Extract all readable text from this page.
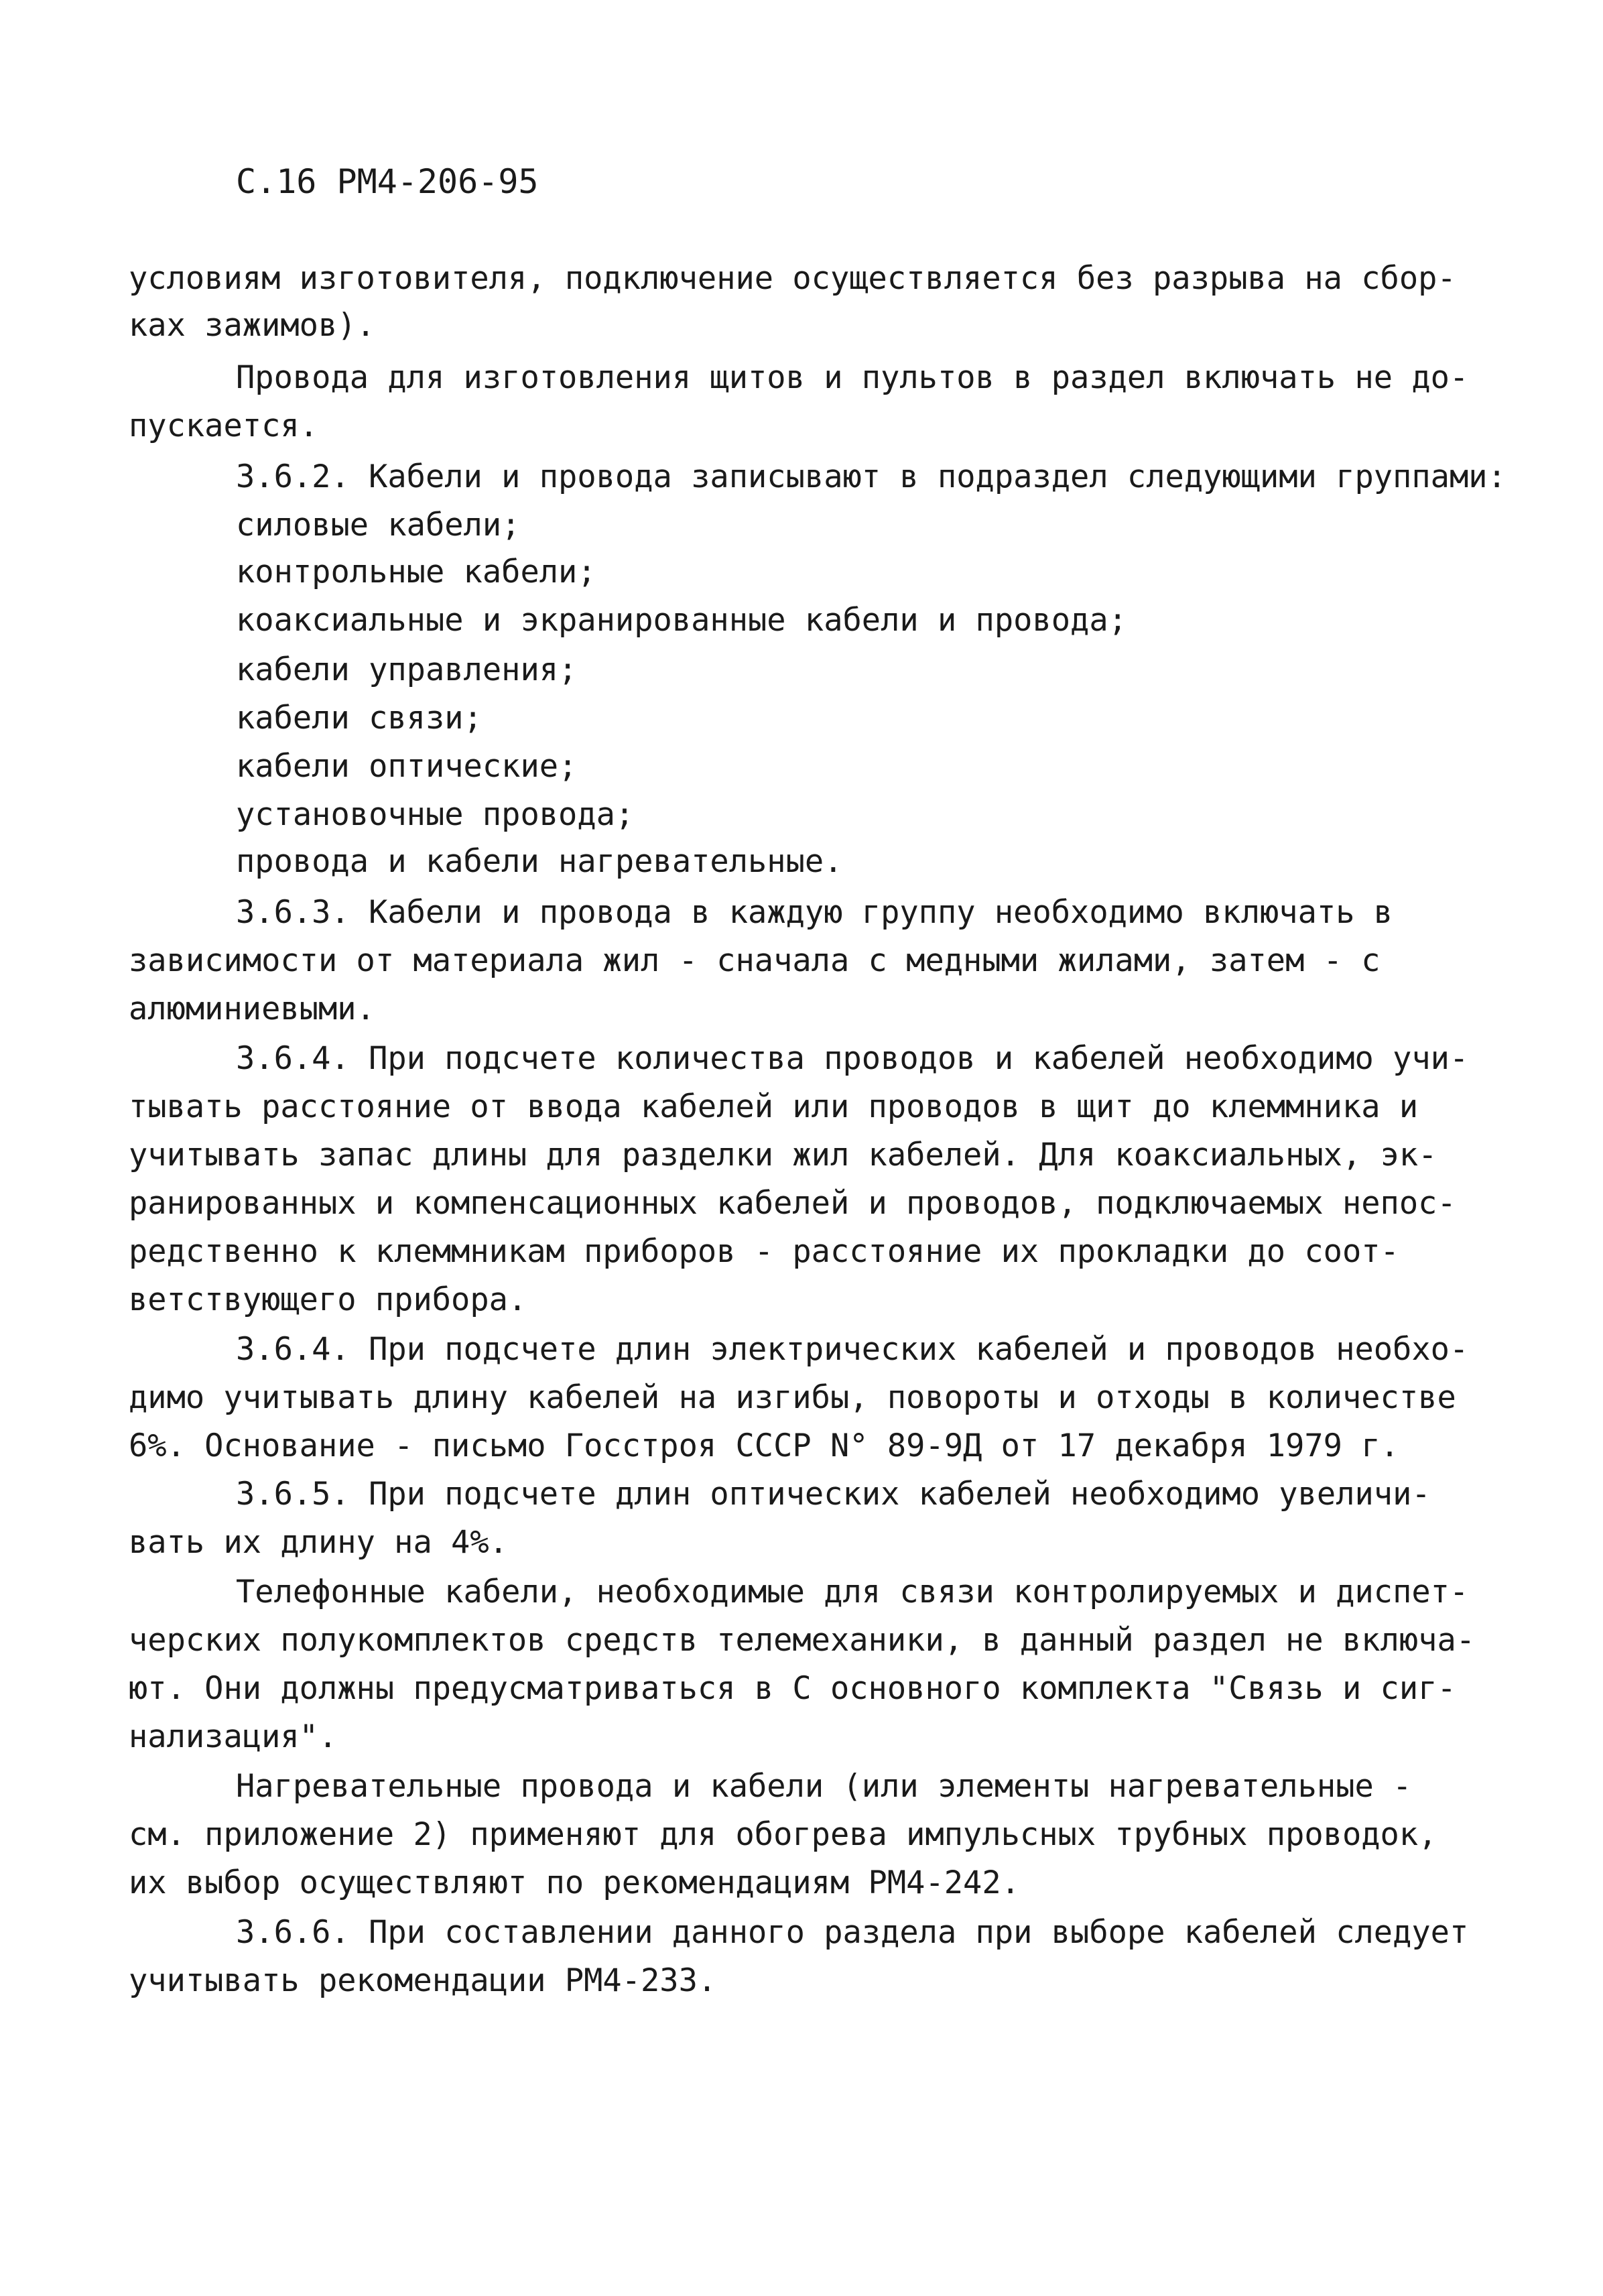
С.16 РМ4-206-95
условиям изготовителя, подключение осуществляется без разрыва на сбор-
ках зажимов).
Провода для изготовления щитов и пультов в раздел включать не до-
пускается.
3.6.2. Кабели и провода записывают в подраздел следующими группами:
силовые кабели;
контрольные кабели;
коаксиальные и экранированные кабели и провода;
кабели управления;
кабели связи;
кабели оптические;
установочные провода;
провода и кабели нагревательные.
3.6.3. Кабели и провода в каждую группу необходимо включать в
зависимости от материала жил - сначала с медными жилами, затем - с
алюминиевыми.
3.6.4. При подсчете количества проводов и кабелей необходимо учи-
тывать расстояние от ввода кабелей или проводов в щит до клеммника и
учитывать запас длины для разделки жил кабелей. Для коаксиальных, эк-
ранированных и компенсационных кабелей и проводов, подключаемых непос-
редственно к клеммникам приборов - расстояние их прокладки до соот-
ветствующего прибора.
3.6.4. При подсчете длин электрических кабелей и проводов необхо-
димо учитывать длину кабелей на изгибы, повороты и отходы в количестве
6%. Основание - письмо Госстроя СССР N° 89-9Д от 17 декабря 1979 г.
3.6.5. При подсчете длин оптических кабелей необходимо увеличи-
вать их длину на 4%.
Телефонные кабели, необходимые для связи контролируемых и диспет-
черских полукомплектов средств телемеханики, в данный раздел не включа-
ют. Они должны предусматриваться в С основного комплекта "Связь и сиг-
нализация".
Нагревательные провода и кабели (или элементы нагревательные -
см. приложение 2) применяют для обогрева импульсных трубных проводок,
их выбор осуществляют по рекомендациям РМ4-242.
3.6.6. При составлении данного раздела при выборе кабелей следует
учитывать рекомендации РМ4-233.
